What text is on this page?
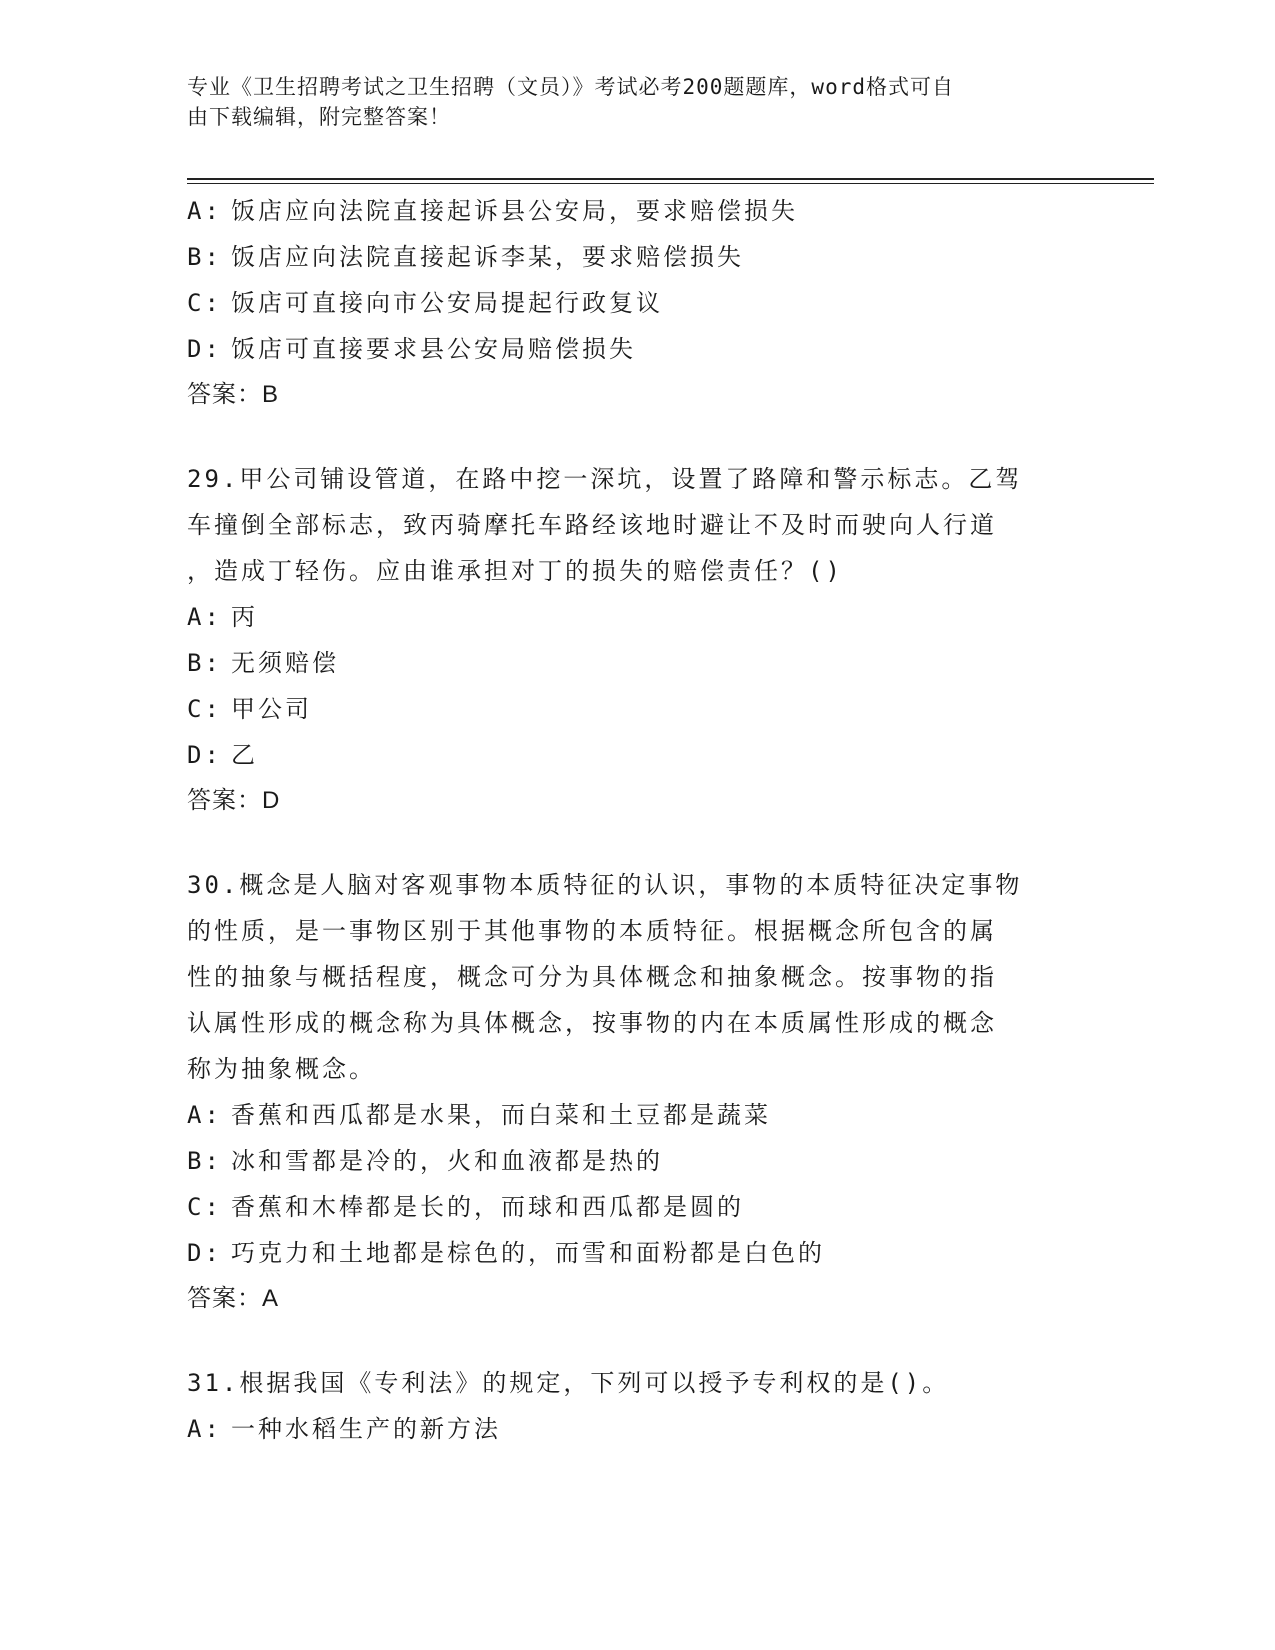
专业《卫生招聘考试之卫生招聘（文员）》考试必考200题题库，word格式可自
由下载编辑，附完整答案！
A: 饭店应向法院直接起诉县公安局，要求赔偿损失
B: 饭店应向法院直接起诉李某，要求赔偿损失
C: 饭店可直接向市公安局提起行政复议
D: 饭店可直接要求县公安局赔偿损失
答案：B
29.甲公司铺设管道，在路中挖一深坑，设置了路障和警示标志。乙驾
车撞倒全部标志，致丙骑摩托车路经该地时避让不及时而驶向人行道
，造成丁轻伤。应由谁承担对丁的损失的赔偿责任？()
A: 丙
B: 无须赔偿
C: 甲公司
D: 乙
答案：D
30.概念是人脑对客观事物本质特征的认识，事物的本质特征决定事物
的性质，是一事物区别于其他事物的本质特征。根据概念所包含的属
性的抽象与概括程度，概念可分为具体概念和抽象概念。按事物的指
认属性形成的概念称为具体概念，按事物的内在本质属性形成的概念
称为抽象概念。
A: 香蕉和西瓜都是水果，而白菜和土豆都是蔬菜
B: 冰和雪都是冷的，火和血液都是热的
C: 香蕉和木棒都是长的，而球和西瓜都是圆的
D: 巧克力和土地都是棕色的，而雪和面粉都是白色的
答案：A
31.根据我国《专利法》的规定，下列可以授予专利权的是()。
A: 一种水稻生产的新方法
